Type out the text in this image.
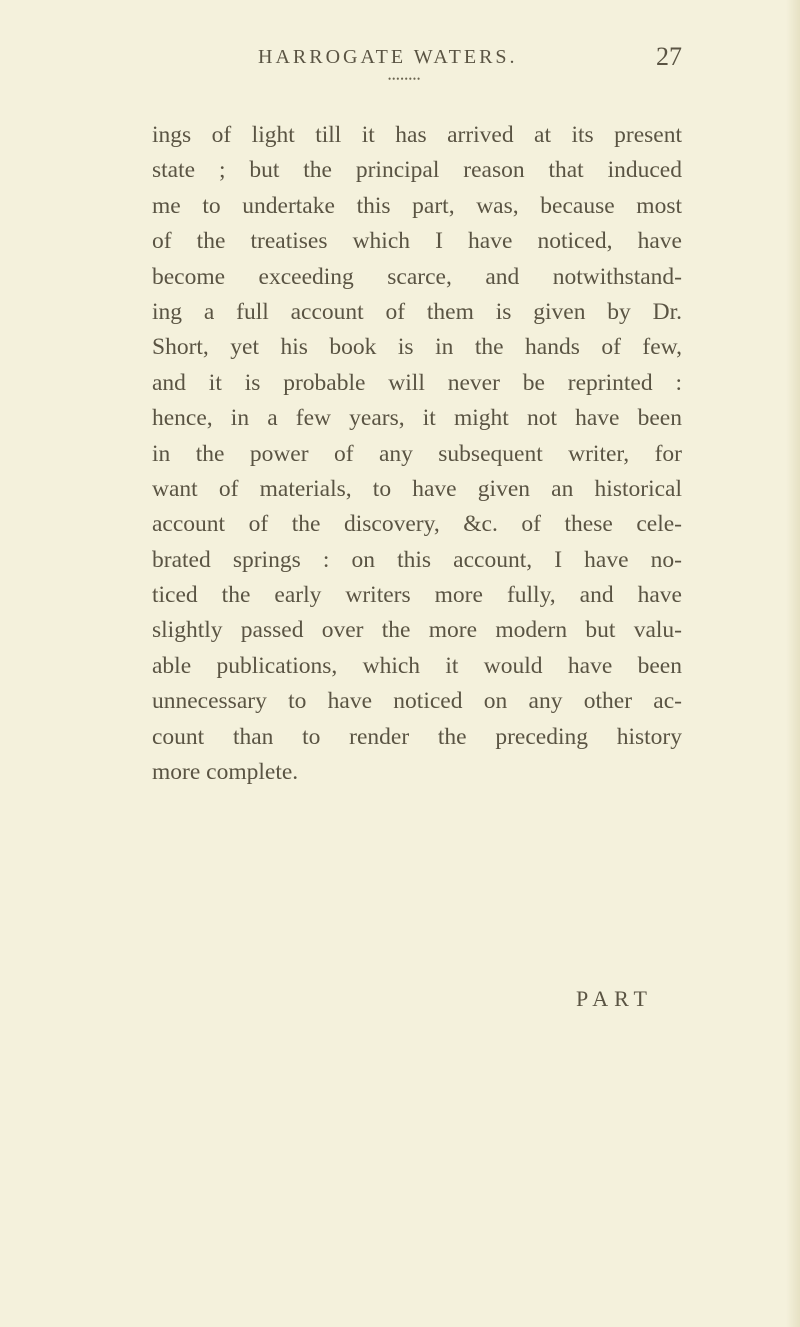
HARROGATE WATERS.	27
••••••••
ings of light till it has arrived at its present
state ; but the principal reason that induced
me to undertake this part, was, because most
of the treatises which I have noticed, have
become exceeding scarce, and notwithstand-
ing a full account of them is given by Dr.
Short, yet his book is in the hands of few,
and it is probable will never be reprinted :
hence, in a few years, it might not have been
in the power of any subsequent writer, for
want of materials, to have given an historical
account of the discovery, &c. of these cele-
brated springs : on this account, I have no-
ticed the early writers more fully, and have
slightly passed over the more modern but valu-
able publications, which it would have been
unnecessary to have noticed on any other ac-
count than to render the preceding history
more complete.
PART
